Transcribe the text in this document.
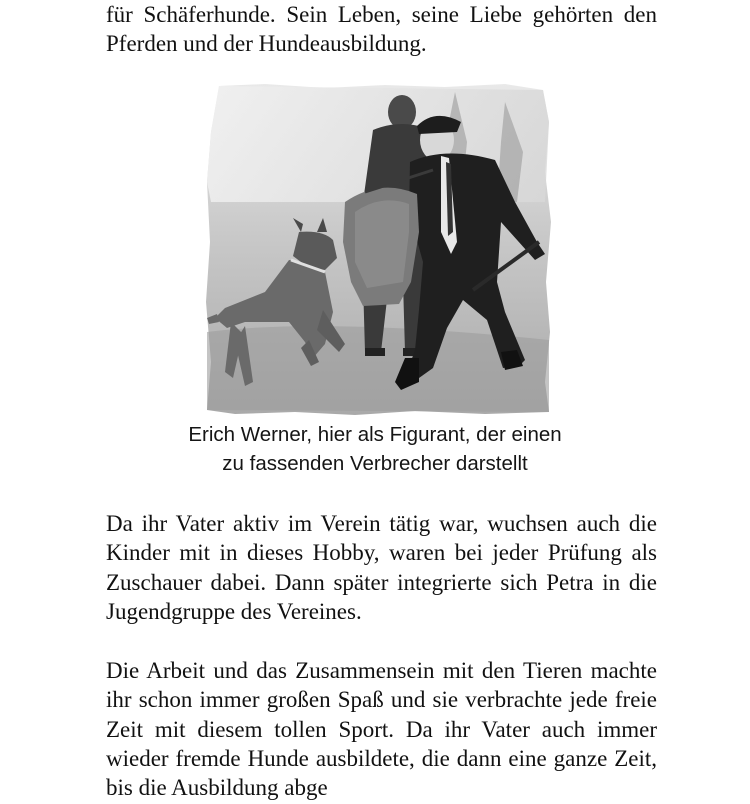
für Schäferhunde. Sein Leben, seine Liebe gehörten den Pferden und der Hundeausbildung.

Erich Werner, hier als Figurant, der einen
zu fassenden Verbrecher darstellt

Da ihr Vater aktiv im Verein tätig war, wuchsen auch die Kinder mit in dieses Hobby, waren bei jeder Prüfung als Zuschauer dabei. Dann später integrierte sich Petra in die Jugendgruppe des Vereines.

Die Arbeit und das Zusammensein mit den Tieren machte ihr schon immer großen Spaß und sie verbrachte jede freie Zeit mit diesem tollen Sport. Da ihr Vater auch immer wieder fremde Hunde ausbildete, die dann eine ganze Zeit, bis die Ausbildung abge
